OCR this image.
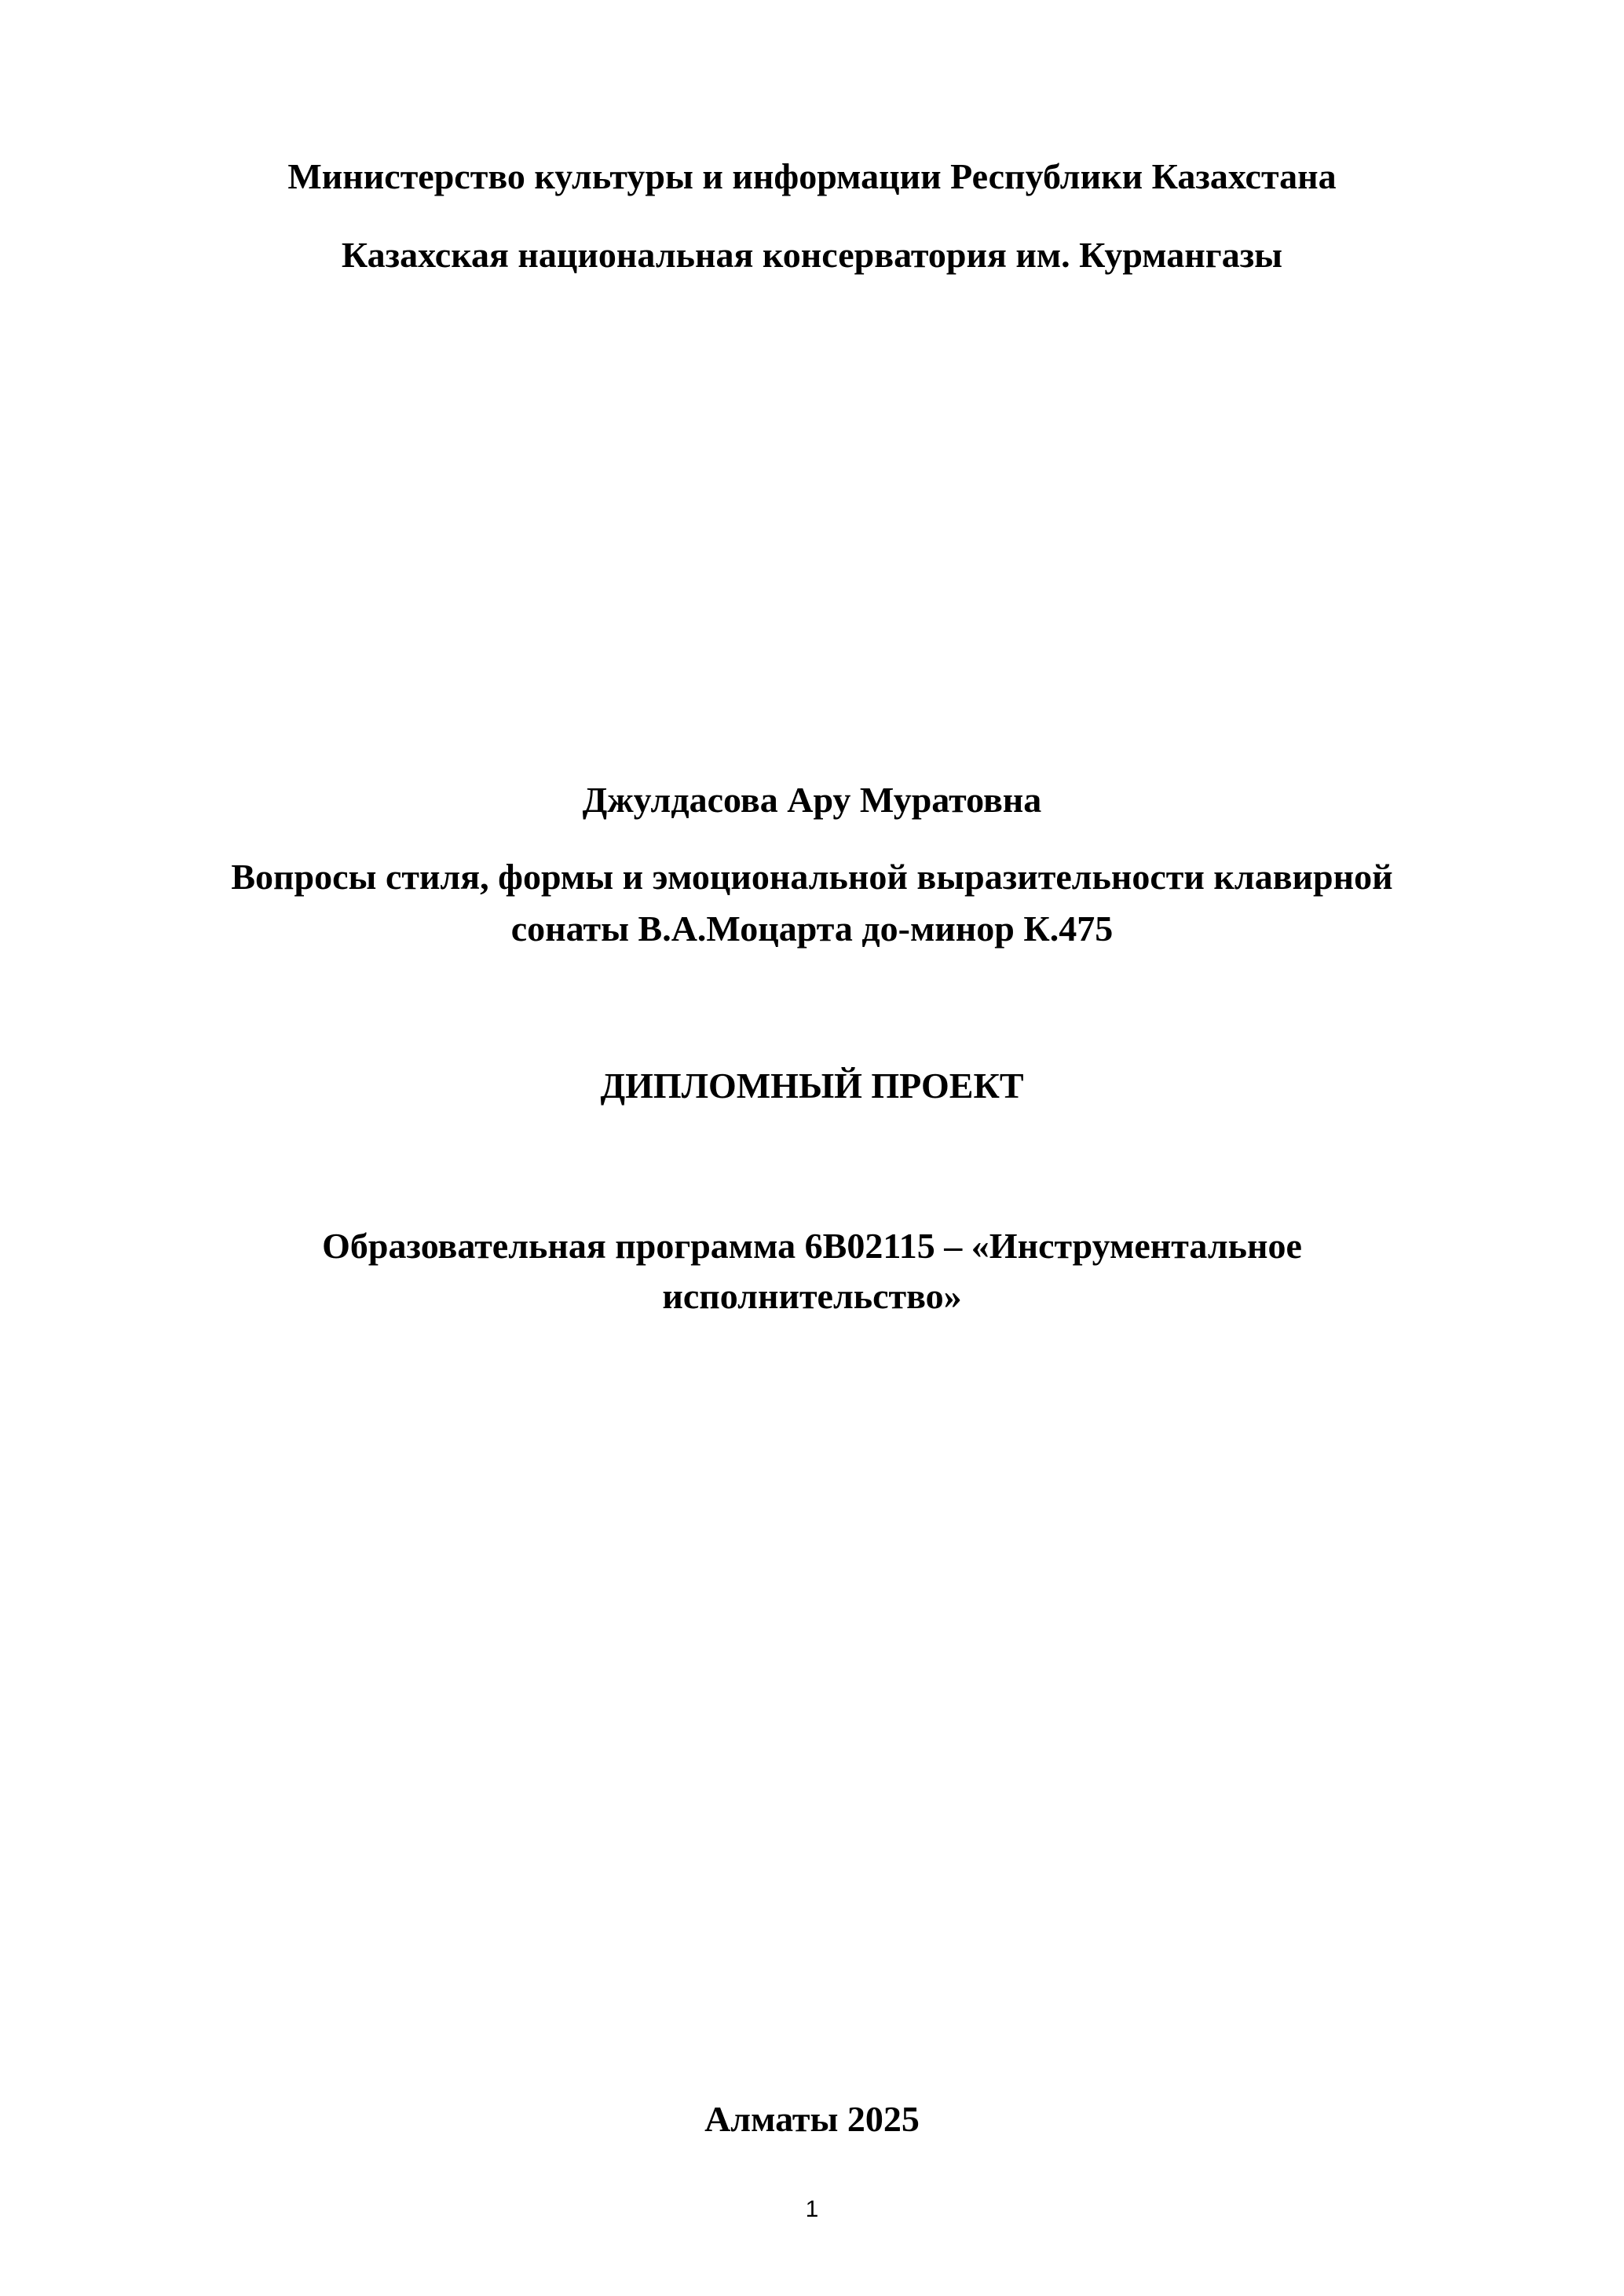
Министерство культуры и информации Республики Казахстана
Казахская национальная консерватория им. Курмангазы
Джулдасова Ару Муратовна
Вопросы стиля, формы и эмоциональной выразительности клавирной
сонаты В.А.Моцарта до-минор К.475
ДИПЛОМНЫЙ ПРОЕКТ
Образовательная программа 6В02115 – «Инструментальное
исполнительство»
Алматы 2025
1
